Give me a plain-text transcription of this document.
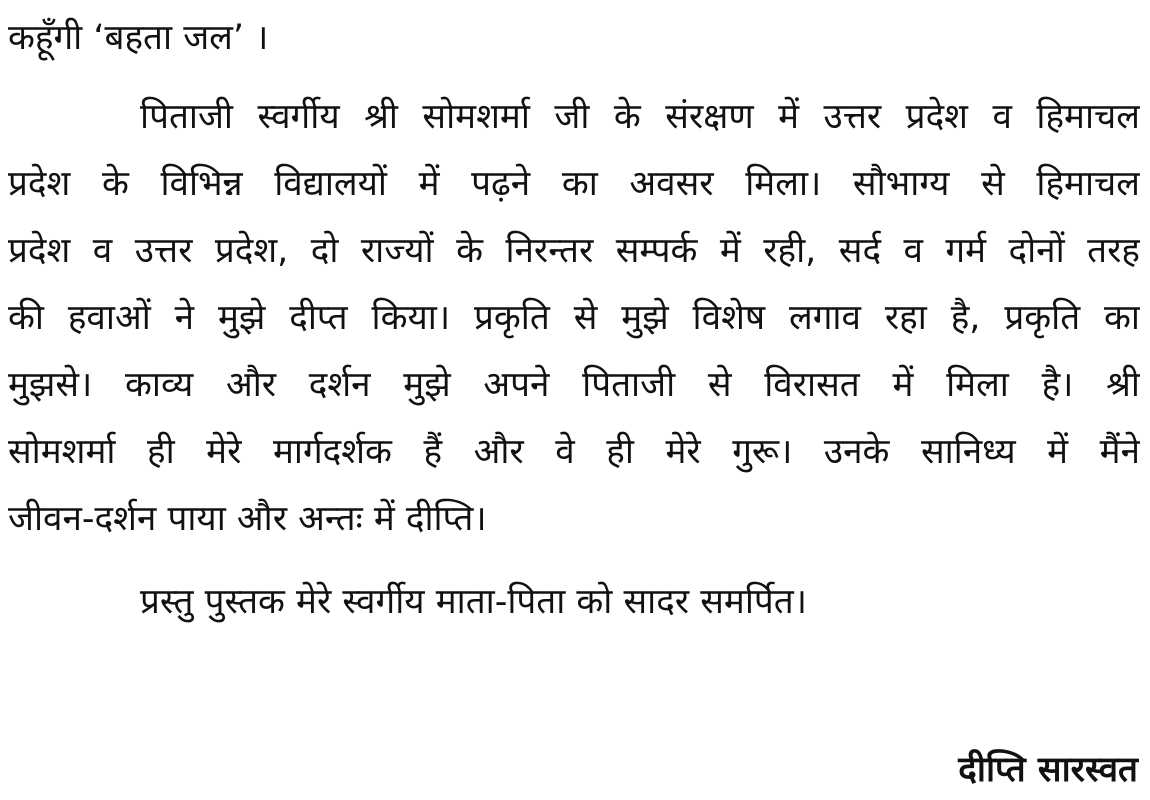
कहूँगी ‘बहता जल’ ।
पिताजी स्वर्गीय श्री सोमशर्मा जी के संरक्षण में उत्तर प्रदेश व हिमाचल
प्रदेश के विभिन्न विद्यालयों में पढ़ने का अवसर मिला। सौभाग्य से हिमाचल
प्रदेश व उत्तर प्रदेश, दो राज्यों के निरन्तर सम्पर्क में रही, सर्द व गर्म दोनों तरह
की हवाओं ने मुझे दीप्त किया। प्रकृति से मुझे विशेष लगाव रहा है, प्रकृति का
मुझसे। काव्य और दर्शन मुझे अपने पिताजी से विरासत में मिला है। श्री
सोमशर्मा ही मेरे मार्गदर्शक हैं और वे ही मेरे गुरू। उनके सानिध्य में मैंने
जीवन-दर्शन पाया और अन्तः में दीप्ति।
प्रस्तु पुस्तक मेरे स्वर्गीय माता-पिता को सादर समर्पित।
दीप्ति सारस्वत
